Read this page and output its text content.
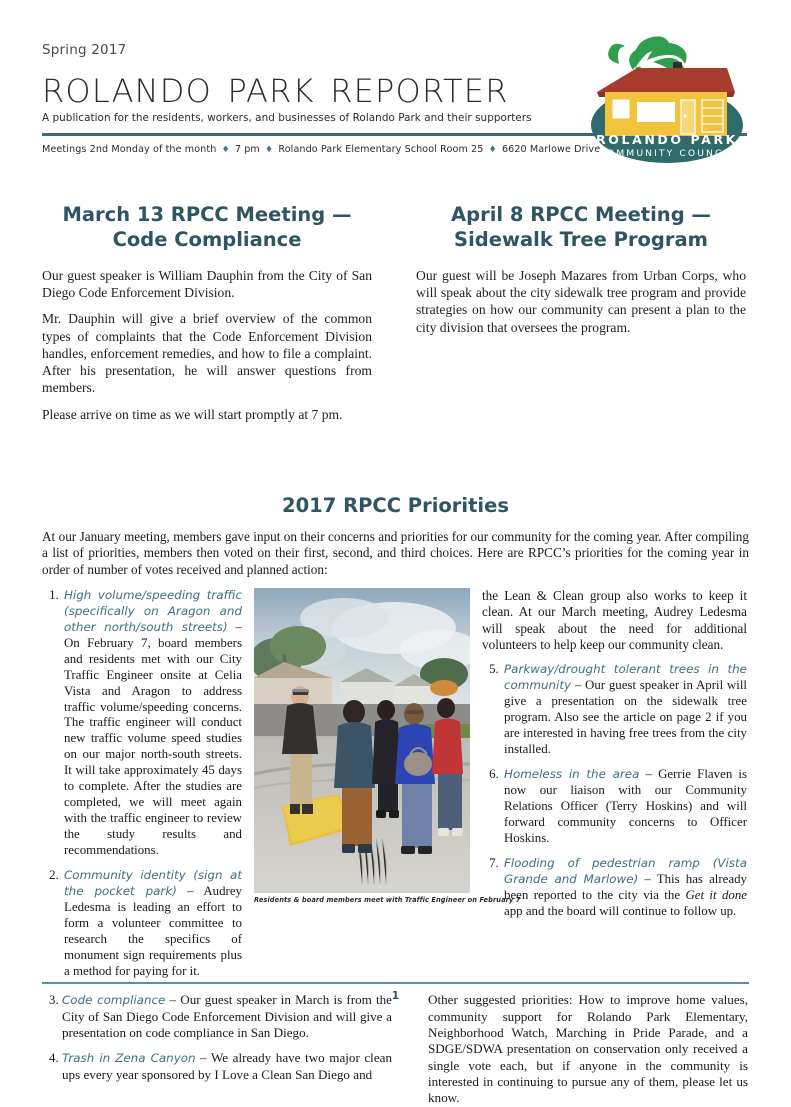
Spring 2017
rolando park reporter
A publication for the residents, workers, and businesses of Rolando Park and their supporters
Meetings 2nd Monday of the month ♦ 7 pm ♦ Rolando Park Elementary School Room 25 ♦ 6620 Marlowe Drive
ROLANDO PARK
COMMUNITY COUNCIL
March 13 RPCC Meeting —
Code Compliance

Our guest speaker is William Dauphin from the City of San Diego Code Enforcement Division.

Mr. Dauphin will give a brief overview of the common types of complaints that the Code Enforcement Division handles, enforcement remedies, and how to file a complaint. After his presentation, he will answer questions from members.

Please arrive on time as we will start promptly at 7 pm.

April 8 RPCC Meeting —
Sidewalk Tree Program

Our guest will be Joseph Mazares from Urban Corps, who will speak about the city sidewalk tree program and provide strategies on how our community can present a plan to the city division that oversees the program.

2017 RPCC Priorities

At our January meeting, members gave input on their concerns and priorities for our community for the coming year. After compiling a list of priorities, members then voted on their first, second, and third choices. Here are RPCC’s priorities for the coming year in order of number of votes received and planned action:

1. High volume/speeding traffic (specifically on Aragon and other north/south streets) – On February 7, board members and residents met with our City Traffic Engineer onsite at Celia Vista and Aragon to address traffic volume/speeding concerns. The traffic engineer will conduct new traffic volume speed studies on our major north-south streets. It will take approximately 45 days to complete. After the studies are completed, we will meet again with the traffic engineer to review the study results and recommendations.
2. Community identity (sign at the pocket park) – Audrey Ledesma is leading an effort to form a volunteer committee to research the specifics of monument sign requirements plus a method for paying for it.
Residents & board members meet with Traffic Engineer on February 7

the Lean & Clean group also works to keep it clean. At our March meeting, Audrey Ledesma will speak about the need for additional volunteers to help keep our community clean.

5. Parkway/drought tolerant trees in the community – Our guest speaker in April will give a presentation on the sidewalk tree program. Also see the article on page 2 if you are interested in having free trees from the city installed.
6. Homeless in the area – Gerrie Flaven is now our liaison with our Community Relations Officer (Terry Hoskins) and will forward community concerns to Officer Hoskins.
7. Flooding of pedestrian ramp (Vista Grande and Marlowe) – This has already been reported to the city via the Get it done app and the board will continue to follow up.
3. Code compliance – Our guest speaker in March is from the City of San Diego Code Enforcement Division and will give a presentation on code compliance in San Diego.
4. Trash in Zena Canyon – We already have two major clean ups every year sponsored by I Love a Clean San Diego and

Other suggested priorities: How to improve home values, community support for Rolando Park Elementary, Neighborhood Watch, Marching in Pride Parade, and a SDGE/SDWA presentation on conservation only received a single vote each, but if anyone in the community is interested in continuing to pursue any of them, please let us know.

1
